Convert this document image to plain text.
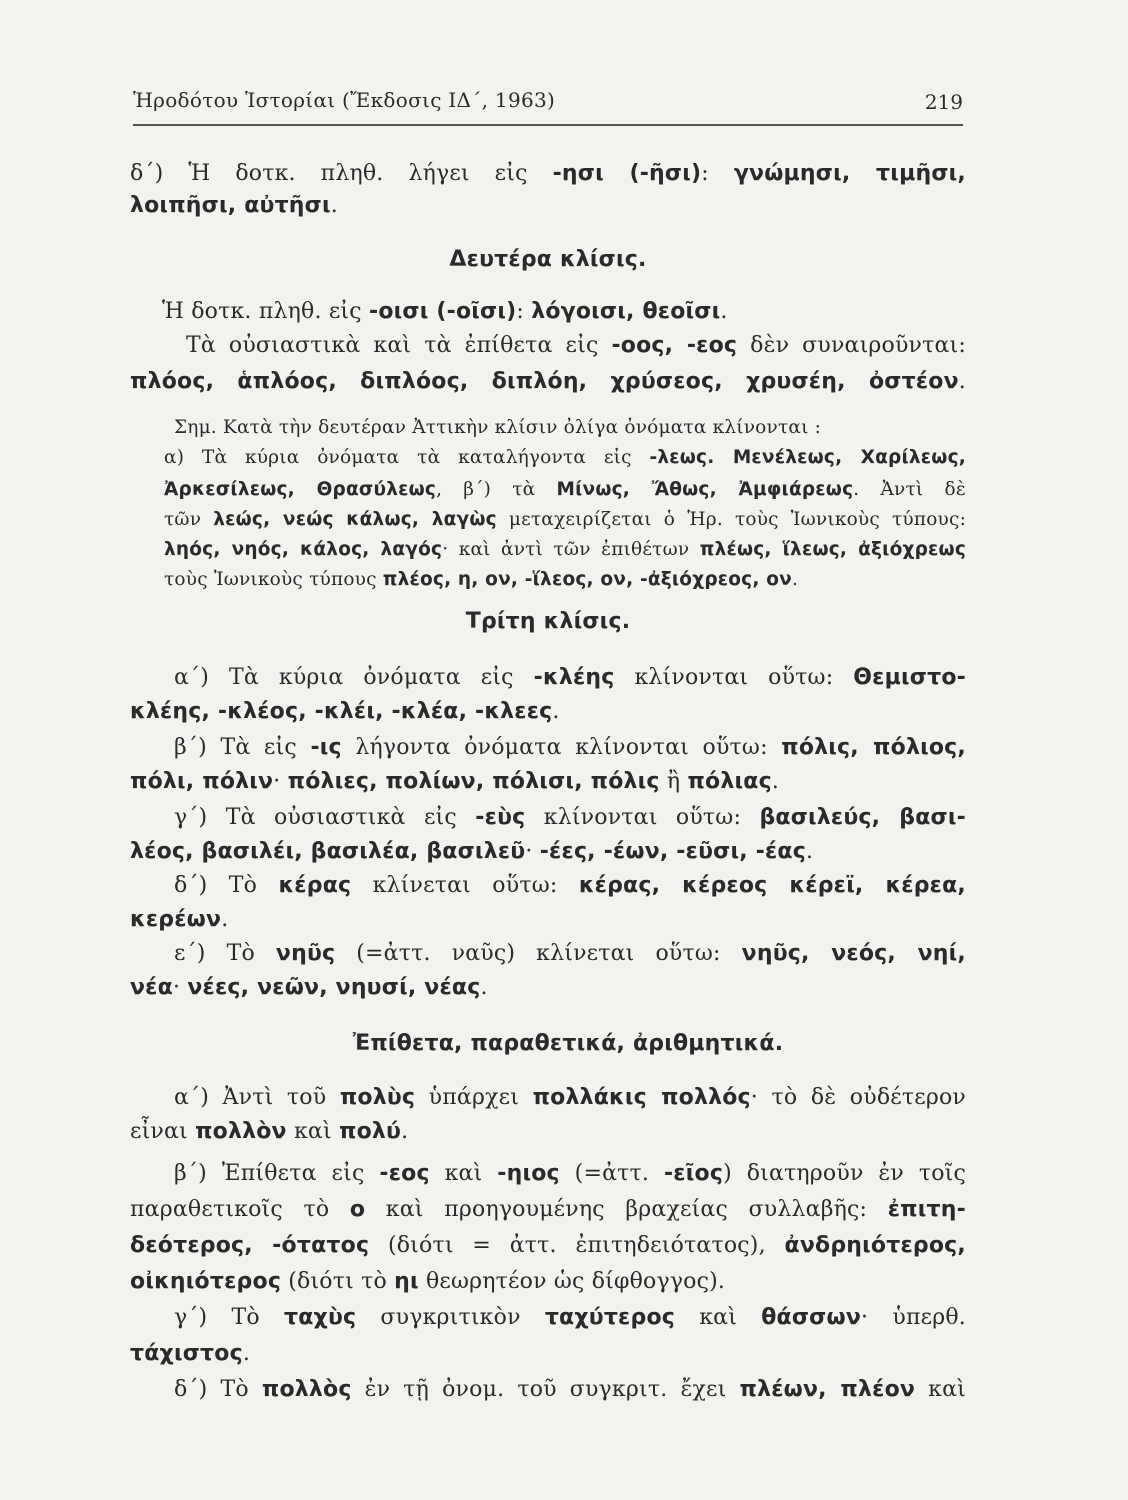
Ἡροδότου Ἱστορίαι (Ἔκδοσις ΙΔ΄, 1963)	219
δ΄) Ἡ δοτκ. πληθ. λήγει εἰς -ησι (-ῆσι): γνώμησι, τιμῆσι,
λοιπῆσι, αὐτῆσι.
Δευτέρα κλίσις.
Ἡ δοτκ. πληθ. εἰς -οισι (-οῖσι): λόγοισι, θεοῖσι.
Τὰ οὐσιαστικὰ καὶ τὰ ἐπίθετα εἰς -οος, -εος δὲν συναιροῦνται:
πλόος, ἁπλόος, διπλόος, διπλόη, χρύσεος, χρυσέη, ὀστέον.
Σημ. Κατὰ τὴν δευτέραν Ἀττικὴν κλίσιν ὀλίγα ὀνόματα κλίνονται :
α) Τὰ κύρια ὀνόματα τὰ καταλήγοντα εἰς -λεως. Μενέλεως, Χαρίλεως,
Ἀρκεσίλεως, Θρασύλεως, β΄) τὰ Μίνως, Ἄθως, Ἀμφιάρεως. Ἀντὶ δὲ
τῶν λεώς, νεώς κάλως, λαγὼς μεταχειρίζεται ὁ Ἡρ. τοὺς Ἰωνικοὺς τύπους:
ληός, νηός, κάλος, λαγός· καὶ ἀντὶ τῶν ἐπιθέτων πλέως, ἵλεως, ἀξιόχρεως
τοὺς Ἰωνικοὺς τύπους πλέος, η, ον, -ἵλεος, ον, -ἀξιόχρεος, ον.
Τρίτη κλίσις.
α΄) Τὰ κύρια ὀνόματα εἰς -κλέης κλίνονται οὕτω: Θεμιστο-
κλέης, -κλέος, -κλέι, -κλέα, -κλεες.
β΄) Τὰ εἰς -ις λήγοντα ὀνόματα κλίνονται οὕτω: πόλις, πόλιος,
πόλι, πόλιν· πόλιες, πολίων, πόλισι, πόλις ἢ πόλιας.
γ΄) Τὰ οὐσιαστικὰ εἰς -εὺς κλίνονται οὕτω: βασιλεύς, βασι-
λέος, βασιλέι, βασιλέα, βασιλεῦ· -έες, -έων, -εῦσι, -έας.
δ΄) Τὸ κέρας κλίνεται οὕτω: κέρας, κέρεος κέρεϊ, κέρεα,
κερέων.
ε΄) Τὸ νηῦς (=ἀττ. ναῦς) κλίνεται οὕτω: νηῦς, νεός, νηί,
νέα· νέες, νεῶν, νηυσί, νέας.
Ἐπίθετα, παραθετικά, ἀριθμητικά.
α΄) Ἀντὶ τοῦ πολὺς ὑπάρχει πολλάκις πολλός· τὸ δὲ οὐδέτερον
εἶναι πολλὸν καὶ πολύ.
β΄) Ἐπίθετα εἰς -εος καὶ -ηιος (=ἀττ. -εῖος) διατηροῦν ἐν τοῖς
παραθετικοῖς τὸ ο καὶ προηγουμένης βραχείας συλλαβῆς: ἐπιτη-
δεότερος, -ότατος (διότι = ἀττ. ἐπιτηδειότατος), ἀνδρηιότερος,
οἰκηιότερος (διότι τὸ ηι θεωρητέον ὡς δίφθογγος).
γ΄) Τὸ ταχὺς συγκριτικὸν ταχύτερος καὶ θάσσων· ὑπερθ.
τάχιστος.
δ΄) Τὸ πολλὸς ἐν τῇ ὀνομ. τοῦ συγκριτ. ἔχει πλέων, πλέον καὶ
